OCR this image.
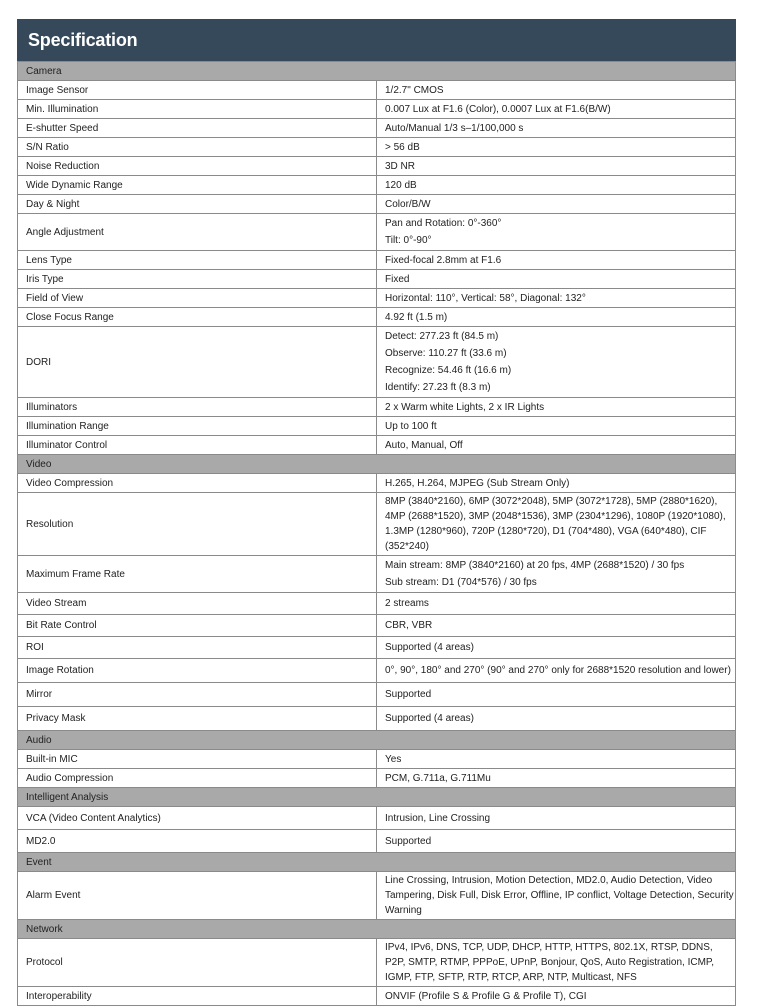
Specification
Camera	
Image Sensor	1/2.7" CMOS
Min. Illumination	0.007 Lux at F1.6 (Color), 0.0007 Lux at F1.6(B/W)
E-shutter Speed	Auto/Manual 1/3 s–1/100,000 s
S/N Ratio	> 56 dB
Noise Reduction	3D NR
Wide Dynamic Range	120 dB
Day & Night	Color/B/W
Angle Adjustment	Pan and Rotation: 0°-360°
Tilt: 0°-90°

Lens Type	Fixed-focal 2.8mm at F1.6
Iris Type	Fixed
Field of View	Horizontal: 110°, Vertical: 58°, Diagonal: 132°
Close Focus Range	4.92 ft (1.5 m)
DORI	Detect: 277.23 ft (84.5 m)
Observe: 110.27 ft (33.6 m)
Recognize: 54.46 ft (16.6 m)
Identify: 27.23 ft (8.3 m)

Illuminators	2 x Warm white Lights, 2 x IR Lights
Illumination Range	Up to 100 ft
Illuminator Control	Auto, Manual, Off
Video	
Video Compression	H.265, H.264, MJPEG (Sub Stream Only)
Resolution	8MP (3840*2160), 6MP (3072*2048), 5MP (3072*1728), 5MP (2880*1620), 4MP (2688*1520), 3MP (2048*1536), 3MP (2304*1296), 1080P (1920*1080), 1.3MP (1280*960), 720P (1280*720), D1 (704*480), VGA (640*480), CIF (352*240)
Maximum Frame Rate	Main stream: 8MP (3840*2160) at 20 fps, 4MP (2688*1520) / 30 fps
Sub stream: D1 (704*576) / 30 fps

Video Stream	2 streams
Bit Rate Control	CBR, VBR
ROI	Supported (4 areas)
Image Rotation	0°, 90°, 180° and 270° (90° and 270° only for 2688*1520 resolution and lower)
Mirror	Supported
Privacy Mask	Supported (4 areas)
Audio	
Built-in MIC	Yes
Audio Compression	PCM, G.711a, G.711Mu
Intelligent Analysis	
VCA (Video Content Analytics)	Intrusion, Line Crossing
MD2.0	Supported
Event	
Alarm Event	Line Crossing, Intrusion, Motion Detection, MD2.0, Audio Detection, Video Tampering, Disk Full, Disk Error, Offline, IP conflict, Voltage Detection, Security Warning
Network	
Protocol	IPv4, IPv6, DNS, TCP, UDP, DHCP, HTTP, HTTPS, 802.1X, RTSP, DDNS, P2P, SMTP, RTMP, PPPoE, UPnP, Bonjour, QoS, Auto Registration, ICMP, IGMP, FTP, SFTP, RTP, RTCP, ARP, NTP, Multicast, NFS
Interoperability	ONVIF (Profile S & Profile G & Profile T), CGI
